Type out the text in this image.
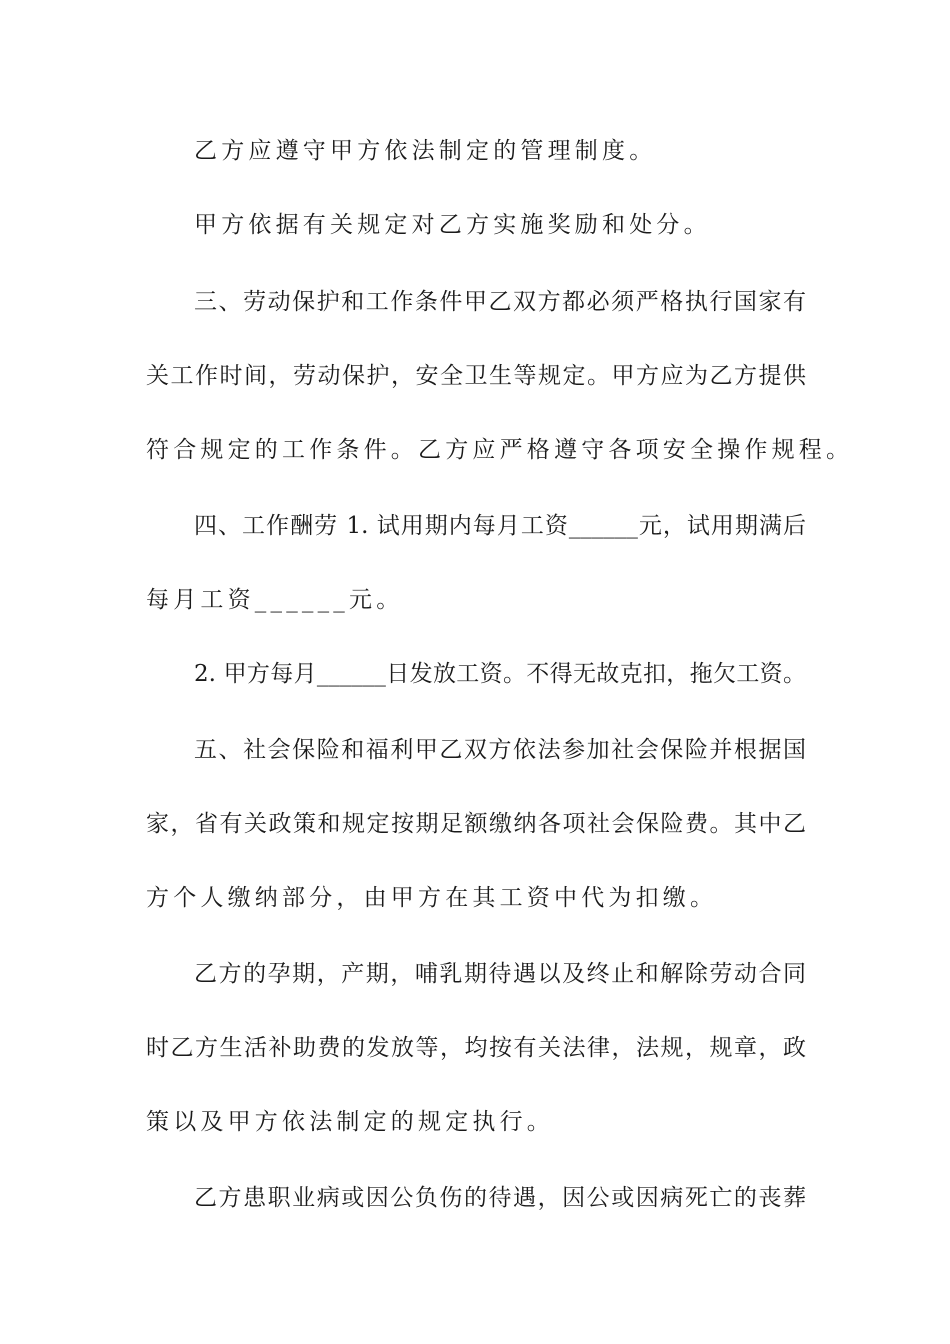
乙方应遵守甲方依法制定的管理制度。
甲方依据有关规定对乙方实施奖励和处分。
三、劳动保护和工作条件甲乙双方都必须严格执行国家有
关工作时间，劳动保护，安全卫生等规定。甲方应为乙方提供
符合规定的工作条件。乙方应严格遵守各项安全操作规程。
四、工作酬劳 1. 试用期内每月工资______元，试用期满后
每月工资______元。
2. 甲方每月______日发放工资。不得无故克扣，拖欠工资。
五、社会保险和福利甲乙双方依法参加社会保险并根据国
家，省有关政策和规定按期足额缴纳各项社会保险费。其中乙
方个人缴纳部分，由甲方在其工资中代为扣缴。
乙方的孕期，产期，哺乳期待遇以及终止和解除劳动合同
时乙方生活补助费的发放等，均按有关法律，法规，规章，政
策以及甲方依法制定的规定执行。
乙方患职业病或因公负伤的待遇，因公或因病死亡的丧葬
